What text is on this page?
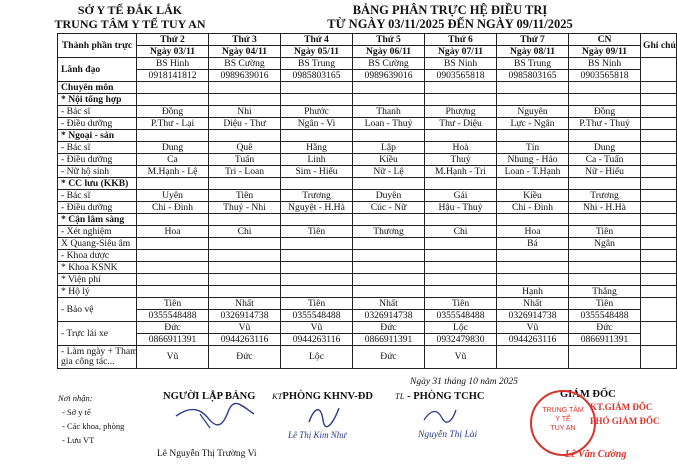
SỞ Y TẾ ĐẮK LẮK
TRUNG TÂM Y TẾ TUY AN
BẢNG PHÂN TRỰC HỆ ĐIỀU TRỊ
TỪ NGÀY 03/11/2025 ĐẾN NGÀY 09/11/2025
Thành phần trực	Thứ 2	Thứ 3	Thứ 4	Thứ 5	Thứ 6	Thứ 7	CN	Ghi chú
	Ngày 03/11	Ngày 04/11	Ngày 05/11	Ngày 06/11	Ngày 07/11	Ngày 08/11	Ngày 09/11	
Lãnh đạo	BS Hinh	BS Cường	BS Trung	BS Cường	BS Ninh	BS Trung	BS Ninh	
	0918141812	0989639016	0985803165	0989639016	0903565818	0985803165	0903565818	
Chuyên môn								
* Nội tổng hợp								
- Bác sĩ	Đồng	Nhi	Phước	Thanh	Phượng	Nguyên	Đồng	
- Điều dưỡng	P.Thư - Lại	Diệu - Thư	Ngân - Vi	Loan - Thuỷ	Thư - Diệu	Lực - Ngân	P.Thư - Thuỷ	
* Ngoại - sản								
- Bác sĩ	Dung	Quê	Hằng	Lập	Hoà	Tín	Dung	
- Điều dưỡng	Ca	Tuấn	Linh	Kiều	Thuỷ	Nhung - Hảo	Ca - Tuấn	
- Nữ hộ sinh	M.Hạnh - Lệ	Tri - Loan	Sim - Hiếu	Nữ - Lệ	M.Hạnh - Tri	Loan - T.Hạnh	Nữ - Hiếu	
* CC lưu (KKB)								
- Bác sĩ	Uyên	Tiên	Trương	Duyên	Gái	Kiều	Trương	
- Điều dưỡng	Chi - Đình	Thuỷ - Nhi	Nguyệt - H.Hà	Cúc - Nữ	Hậu - Thuỷ	Chi - Đình	Nhi - H.Hà	
* Cận lâm sàng								
- Xét nghiệm	Hoa	Chi	Tiên	Thương	Chi	Hoa	Tiên	
X Quang-Siêu âm						Bá	Ngân	
- Khoa dược								
* Khoa KSNK								
* Viện phí								
* Hộ lý						Hạnh	Thắng	
- Bảo vệ	Tiên	Nhất	Tiên	Nhất	Tiên	Nhất	Tiên	
	0355548488	0326914738	0355548488	0326914738	0355548488	0326914738	0355548488	
- Trực lái xe	Đức	Vũ	Vũ	Đức	Lộc	Vũ	Đức	
	0866911391	0944263116	0944263116	0866911391	0932479830	0944263116	0866911391	

- Làm ngày + Tham
gia công tác...	Vũ	Đức	Lộc	Đức	Vũ			
Ngày 31 tháng 10 năm 2025
Nơi nhận:
- Sở y tế
- Các khoa, phòng
- Lưu VT
NGƯỜI LẬP BẢNG
Lê Nguyễn Thị Trường Vi
KTPHÒNG KHNV-ĐD
Lê Thị Kim Như
TL - PHÒNG TCHC
Nguyễn Thị Lài
GIÁM ĐỐC
TRUNG TÂM
Y TẾ
TUY AN
KT.GIÁM ĐỐC
PHÓ GIÁM ĐỐC
Lê Văn Cường
